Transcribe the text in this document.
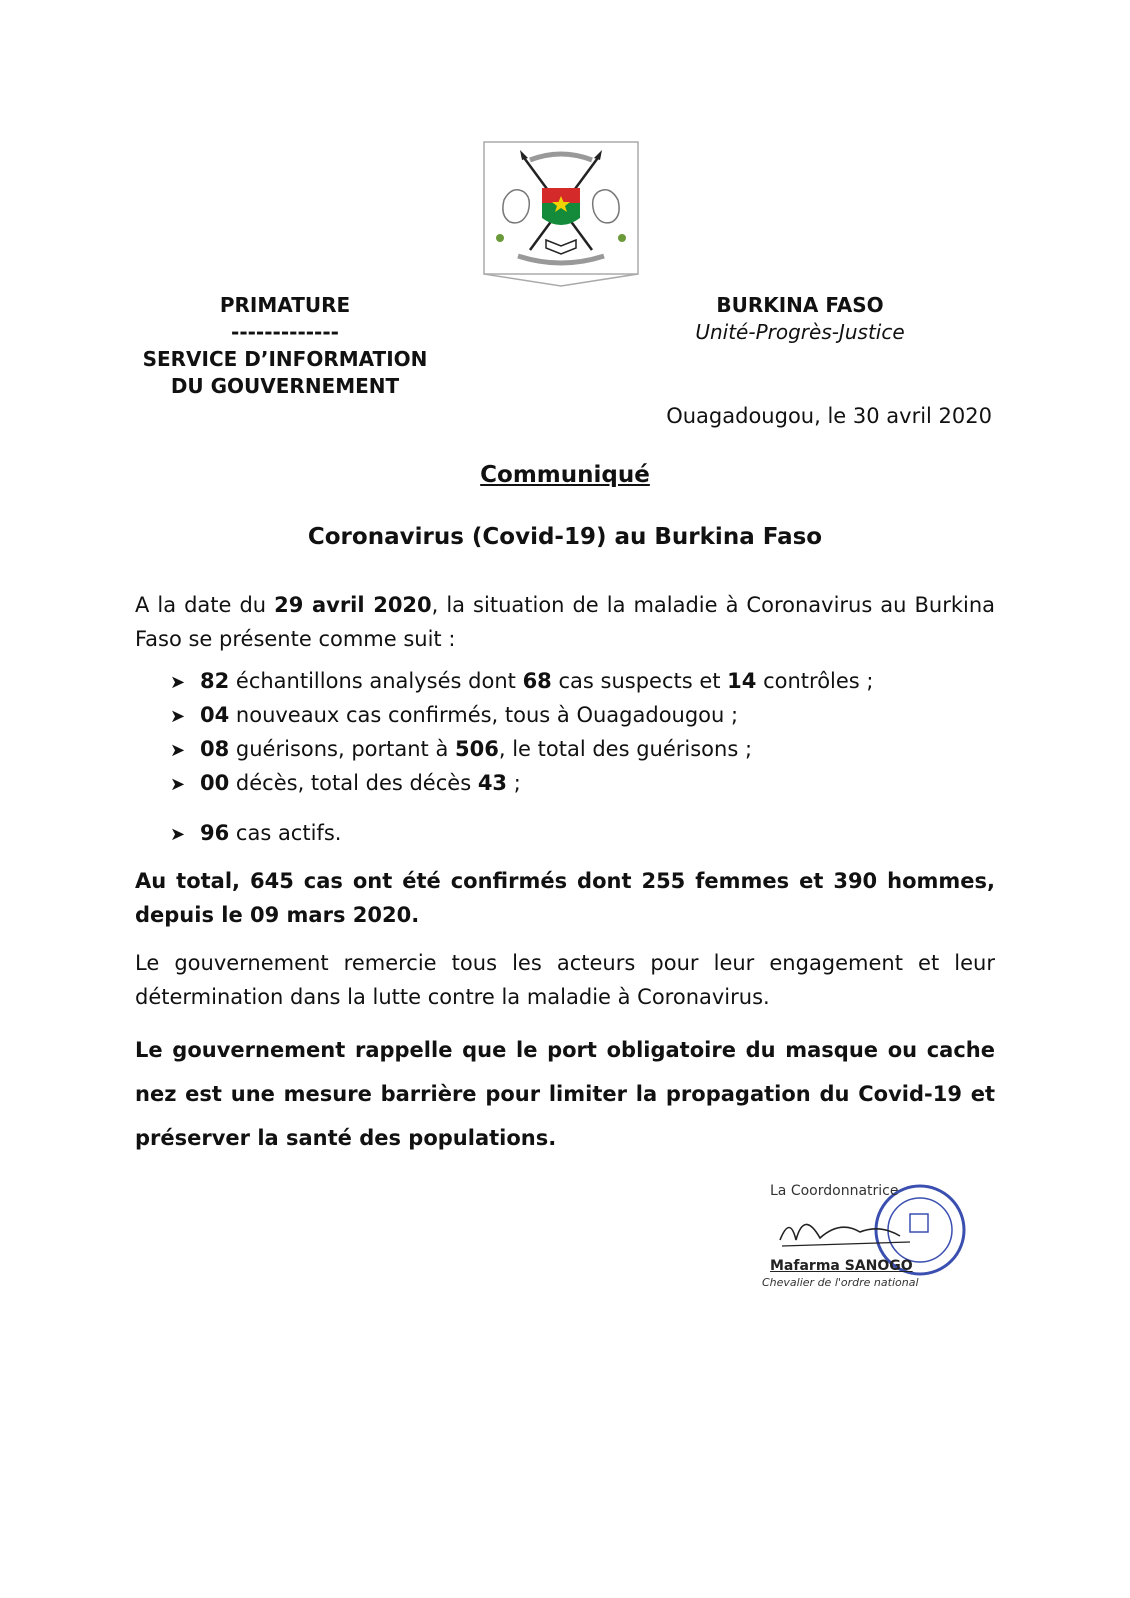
PRIMATURE
-------------
SERVICE D’INFORMATION
DU GOUVERNEMENT
BURKINA FASO
Unité-Progrès-Justice
Ouagadougou, le 30 avril 2020
Communiqué
Coronavirus (Covid-19) au Burkina Faso
A la date du 29 avril 2020, la situation de la maladie à Coronavirus au Burkina Faso se présente comme suit :
➤ 82 échantillons analysés dont 68 cas suspects et 14 contrôles ;
➤ 04 nouveaux cas confirmés, tous à Ouagadougou ;
➤ 08 guérisons, portant à 506, le total des guérisons ;
➤ 00 décès, total des décès 43 ;
➤ 96 cas actifs.
Au total, 645 cas ont été confirmés dont 255 femmes et 390 hommes, depuis le 09 mars 2020.
Le gouvernement remercie tous les acteurs pour leur engagement et leur détermination dans la lutte contre la maladie à Coronavirus.
Le gouvernement rappelle que le port obligatoire du masque ou cache nez est une mesure barrière pour limiter la propagation du Covid-19 et préserver la santé des populations.
La Coordonnatrice
Mafarma SANOGO
Chevalier de l'ordre national
